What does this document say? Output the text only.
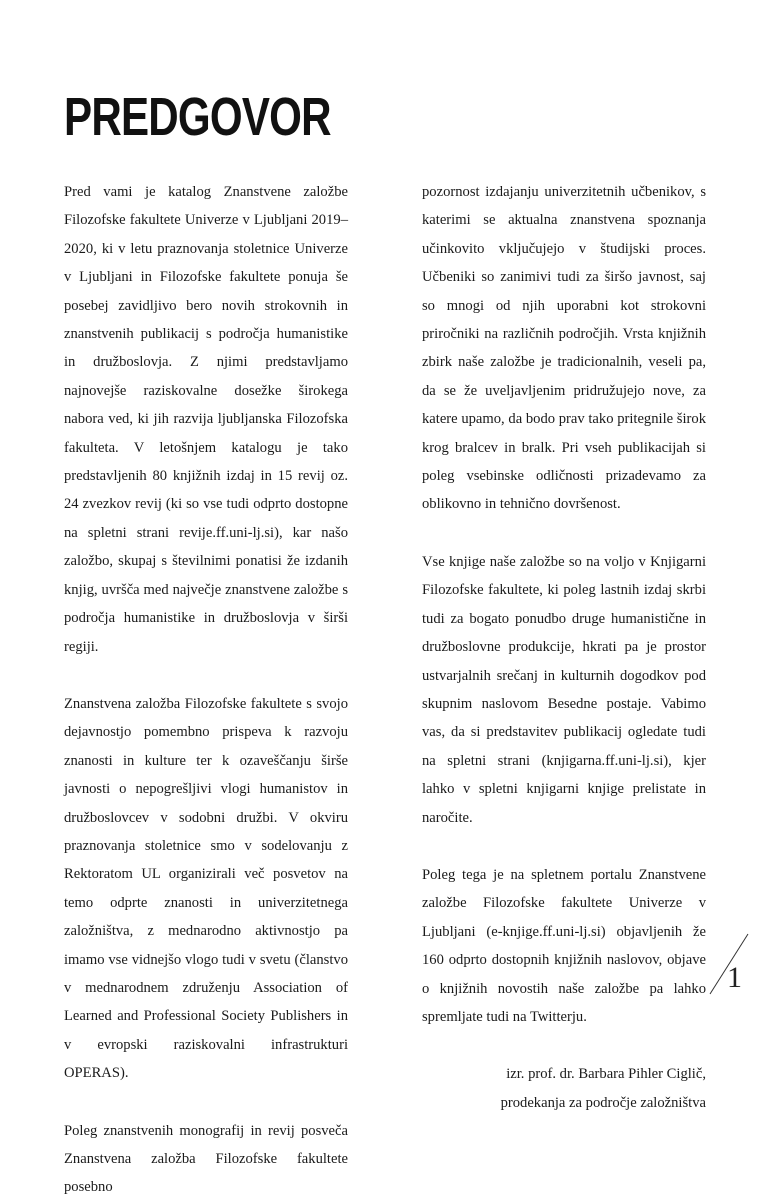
PREDGOVOR

Pred vami je katalog Znanstvene založbe Filozofske fakultete Univerze v Ljubljani 2019–2020, ki v letu praznovanja stoletnice Univerze v Ljubljani in Filozofske fakultete ponuja še posebej zavidljivo bero novih strokovnih in znanstvenih publikacij s področja humanistike in družboslovja. Z njimi predstavljamo najnovejše raziskovalne dosežke širokega nabora ved, ki jih razvija ljubljanska Filozofska fakulteta. V letošnjem katalogu je tako predstavljenih 80 knjižnih izdaj in 15 revij oz. 24 zvezkov revij (ki so vse tudi odprto dostopne na spletni strani revije.ff.uni-lj.si), kar našo založbo, skupaj s številnimi ponatisi že izdanih knjig, uvršča med največje znanstvene založbe s področja humanistike in družboslovja v širši regiji.

Znanstvena založba Filozofske fakultete s svojo dejavnostjo pomembno prispeva k razvoju znanosti in kulture ter k ozaveščanju širše javnosti o nepogrešljivi vlogi humanistov in družboslovcev v sodobni družbi. V okviru praznovanja stoletnice smo v sodelovanju z Rektoratom UL organizirali več posvetov na temo odprte znanosti in univerzitetnega založništva, z mednarodno aktivnostjo pa imamo vse vidnejšo vlogo tudi v svetu (članstvo v mednarodnem združenju Association of Learned and Professional Society Publishers in v evropski raziskovalni infrastrukturi OPERAS).

Poleg znanstvenih monografij in revij posveča Znanstvena založba Filozofske fakultete posebno

pozornost izdajanju univerzitetnih učbenikov, s katerimi se aktualna znanstvena spoznanja učinkovito vključujejo v študijski proces. Učbeniki so zanimivi tudi za širšo javnost, saj so mnogi od njih uporabni kot strokovni priročniki na različnih področjih. Vrsta knjižnih zbirk naše založbe je tradicionalnih, veseli pa, da se že uveljavljenim pridružujejo nove, za katere upamo, da bodo prav tako pritegnile širok krog bralcev in bralk. Pri vseh publikacijah si poleg vsebinske odličnosti prizadevamo za oblikovno in tehnično dovršenost.

Vse knjige naše založbe so na voljo v Knjigarni Filozofske fakultete, ki poleg lastnih izdaj skrbi tudi za bogato ponudbo druge humanistične in družboslovne produkcije, hkrati pa je prostor ustvarjalnih srečanj in kulturnih dogodkov pod skupnim naslovom Besedne postaje. Vabimo vas, da si predstavitev publikacij ogledate tudi na spletni strani (knjigarna.ff.uni-lj.si), kjer lahko v spletni knjigarni knjige prelistate in naročite.

Poleg tega je na spletnem portalu Znanstvene založbe Filozofske fakultete Univerze v Ljubljani (e-knjige.ff.uni-lj.si) objavljenih že 160 odprto dostopnih knjižnih naslovov, objave o knjižnih novostih naše založbe pa lahko spremljate tudi na Twitterju.

izr. prof. dr. Barbara Pihler Ciglič,
prodekanja za področje založništva
1
